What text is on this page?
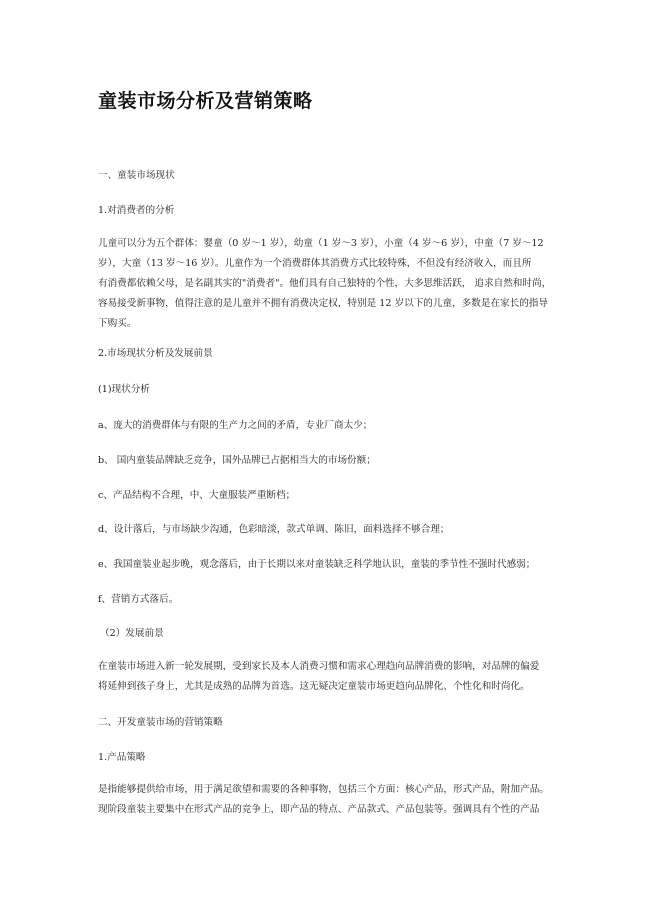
童装市场分析及营销策略
一、童装市场现状
1.对消费者的分析
儿童可以分为五个群体：婴童（0 岁～1 岁），幼童（1 岁～3 岁），小童（4 岁～6 岁），中童（7 岁～12
岁），大童（13 岁～16 岁）。儿童作为一个消费群体其消费方式比较特殊，不但没有经济收入，而且所
有消费都依赖父母，是名副其实的"消费者"。他们具有自己独特的个性，大多思维活跃， 追求自然和时尚，
容易接受新事物，值得注意的是儿童并不拥有消费决定权，特别是 12 岁以下的儿童，多数是在家长的指导
下购买。
2.市场现状分析及发展前景
(1)现状分析
a、庞大的消费群体与有限的生产力之间的矛盾，专业厂商太少；
b、 国内童装品牌缺乏竞争，国外品牌已占据相当大的市场份额；
c、产品结构不合理，中、大童服装严重断档；
d、设计落后，与市场缺少沟通，色彩暗淡，款式单调、陈旧，面料选择不够合理；
e、我国童装业起步晚，观念落后，由于长期以来对童装缺乏科学地认识，童装的季节性不强时代感弱；
f、营销方式落后。
（2）发展前景
在童装市场进入新一轮发展期，受到家长及本人消费习惯和需求心理趋向品牌消费的影响，对品牌的偏爱
将延伸到孩子身上，尤其是成熟的品牌为首选。这无疑决定童装市场更趋向品牌化、个性化和时尚化。
二、开发童装市场的营销策略
1.产品策略
是指能够提供给市场，用于满足欲望和需要的各种事物，包括三个方面：核心产品，形式产品，附加产品。
现阶段童装主要集中在形式产品的竞争上，即产品的特点、产品款式、产品包装等。强调具有个性的产品
